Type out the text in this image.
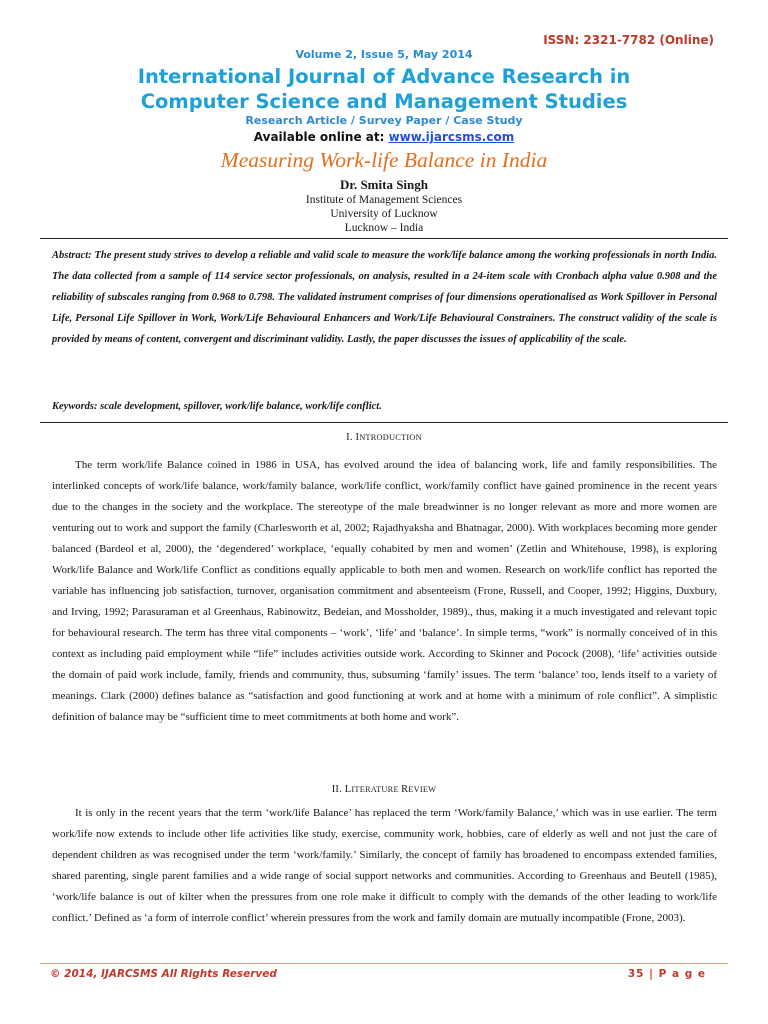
ISSN: 2321-7782 (Online)
Volume 2, Issue 5, May 2014
International Journal of Advance Research in
Computer Science and Management Studies
Research Article / Survey Paper / Case Study
Available online at: www.ijarcsms.com
Measuring Work-life Balance in India
Dr. Smita Singh
Institute of Management Sciences
University of Lucknow
Lucknow – India
Abstract: The present study strives to develop a reliable and valid scale to measure the work/life balance among the working professionals in north India. The data collected from a sample of 114 service sector professionals, on analysis, resulted in a 24-item scale with Cronbach alpha value 0.908 and the reliability of subscales ranging from 0.968 to 0.798. The validated instrument comprises of four dimensions operationalised as Work Spillover in Personal Life, Personal Life Spillover in Work, Work/Life Behavioural Enhancers and Work/Life Behavioural Constrainers. The construct validity of the scale is provided by means of content, convergent and discriminant validity. Lastly, the paper discusses the issues of applicability of the scale.
Keywords: scale development, spillover, work/life balance, work/life conflict.
I. INTRODUCTION
The term work/life Balance coined in 1986 in USA, has evolved around the idea of balancing work, life and family responsibilities. The interlinked concepts of work/life balance, work/family balance, work/life conflict, work/family conflict have gained prominence in the recent years due to the changes in the society and the workplace. The stereotype of the male breadwinner is no longer relevant as more and more women are venturing out to work and support the family (Charlesworth et al, 2002; Rajadhyaksha and Bhatnagar, 2000). With workplaces becoming more gender balanced (Bardeol et al, 2000), the ‘degendered’ workplace, ‘equally cohabited by men and women’ (Zetlin and Whitehouse, 1998), is exploring Work/life Balance and Work/life Conflict as conditions equally applicable to both men and women. Research on work/life conflict has reported the variable has influencing job satisfaction, turnover, organisation commitment and absenteeism (Frone, Russell, and Cooper, 1992; Higgins, Duxbury, and Irving, 1992; Parasuraman et al Greenhaus, Rabinowitz, Bedeian, and Mossholder, 1989)., thus, making it a much investigated and relevant topic for behavioural research. The term has three vital components – ‘work’, ‘life’ and ‘balance’. In simple terms, “work” is normally conceived of in this context as including paid employment while “life” includes activities outside work. According to Skinner and Pocock (2008), ‘life’ activities outside the domain of paid work include, family, friends and community, thus, subsuming ‘family’ issues. The term ‘balance’ too, lends itself to a variety of meanings. Clark (2000) defines balance as “satisfaction and good functioning at work and at home with a minimum of role conflict”. A simplistic definition of balance may be “sufficient time to meet commitments at both home and work”.
II. LITERATURE REVIEW
It is only in the recent years that the term ‘work/life Balance’ has replaced the term ‘Work/family Balance,’ which was in use earlier. The term work/life now extends to include other life activities like study, exercise, community work, hobbies, care of elderly as well and not just the care of dependent children as was recognised under the term ‘work/family.’ Similarly, the concept of family has broadened to encompass extended families, shared parenting, single parent families and a wide range of social support networks and communities. According to Greenhaus and Beutell (1985), ‘work/life balance is out of kilter when the pressures from one role make it difficult to comply with the demands of the other leading to work/life conflict.’ Defined as ‘a form of interrole conflict’ wherein pressures from the work and family domain are mutually incompatible (Frone, 2003).
© 2014, IJARCSMS All Rights Reserved	35 | P a g e
